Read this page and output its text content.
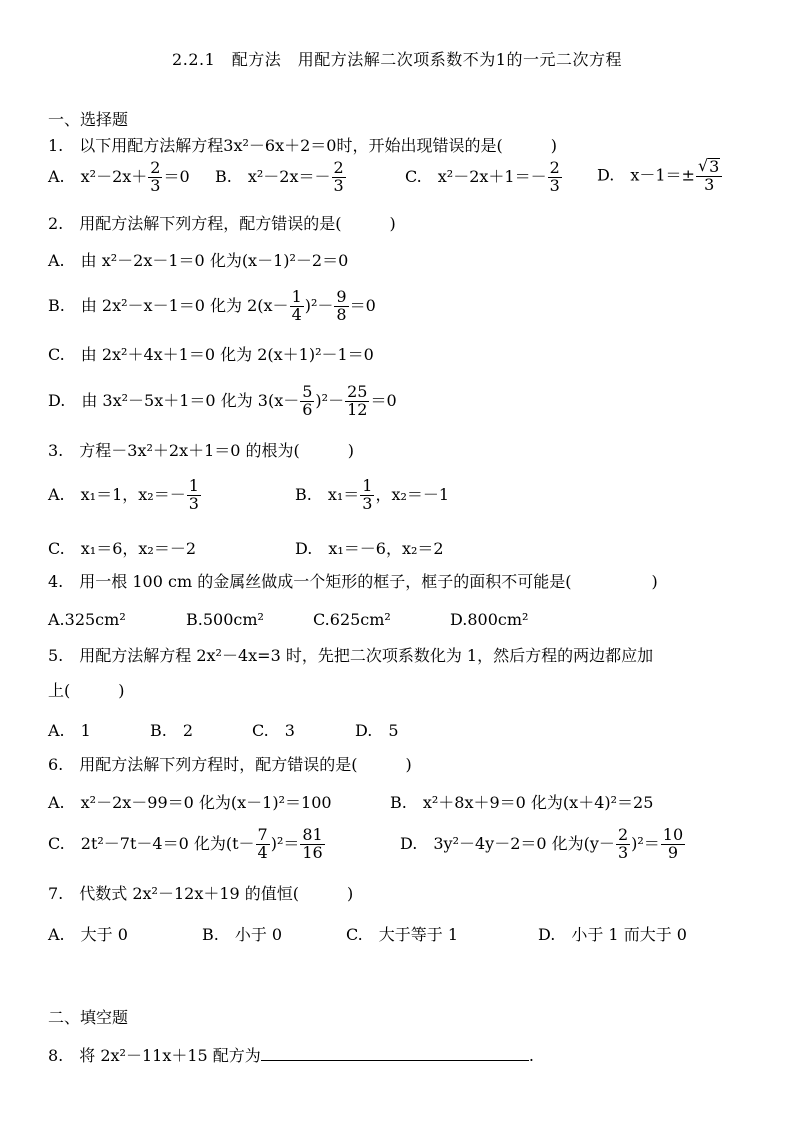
2.2.1　配方法　用配方法解二次项系数不为1的一元二次方程
一、选择题
1.　以下用配方法解方程3x²－6x＋2＝0时，开始出现错误的是(　　　)
A.　$x^2-2x+ \frac{2}{3} =0$ B.　$x^2-2x=- \frac{2}{3}$	C.　$x^2-2x+1=- \frac{2}{3} D$.　$x-1=\pm \frac{√ 3}{3}$
2.　用配方法解下列方程，配方错误的是(　　　)
A.　由 x²－2x－1＝0 化为(x－1)²－2＝0
B.　由 2x²－x－1＝0 化为 $2(x- \frac{1}{4} )^2- \frac{9}{8} =0$
C.　由 2x²＋4x＋1＝0 化为 2(x＋1)²－1＝0
D.　由 3x²－5x＋1＝0 化为 $3(x- \frac{5}{6} )^2- \frac{25}{12} =0$
3.　方程－3x²＋2x＋1＝0 的根为(　　　)
A.　x₁＝1，$x_2=- \frac{1}{3}$	B.　$x_1= \frac{1}{3}$ ，x₂＝－1
C.　x₁＝6，x₂＝－2	D.　x₁＝－6，x₂＝2
4.　用一根 100 cm 的金属丝做成一个矩形的框子，框子的面积不可能是(　　　　　)
A.325cm²	B.500cm²	C.625cm²	D.800cm²
5.　用配方法解方程 2x²－4x=3 时，先把二次项系数化为 1，然后方程的两边都应加
上(　　　)
A.　1	B.　2	C.　3	D.　5
6.　用配方法解下列方程时，配方错误的是(　　　)
A.　x²－2x－99＝0 化为(x－1)²＝100	B.　x²＋8x＋9＝0 化为(x＋4)²＝25
C.　2t²－7t－4＝0 化为$(t- \frac{7}{4} )^2= \frac{81}{16}$	D.　3y²－4y－2＝0 化为$(y- \frac{2}{3} )^2= \frac{10}{9}$
7.　代数式 2x²－12x＋19 的值恒(　　　)
A.　大于 0	B.　小于 0	C.　大于等于 1	D.　小于 1 而大于 0
二、填空题
8.　将 2x²－11x＋15 配方为	.
